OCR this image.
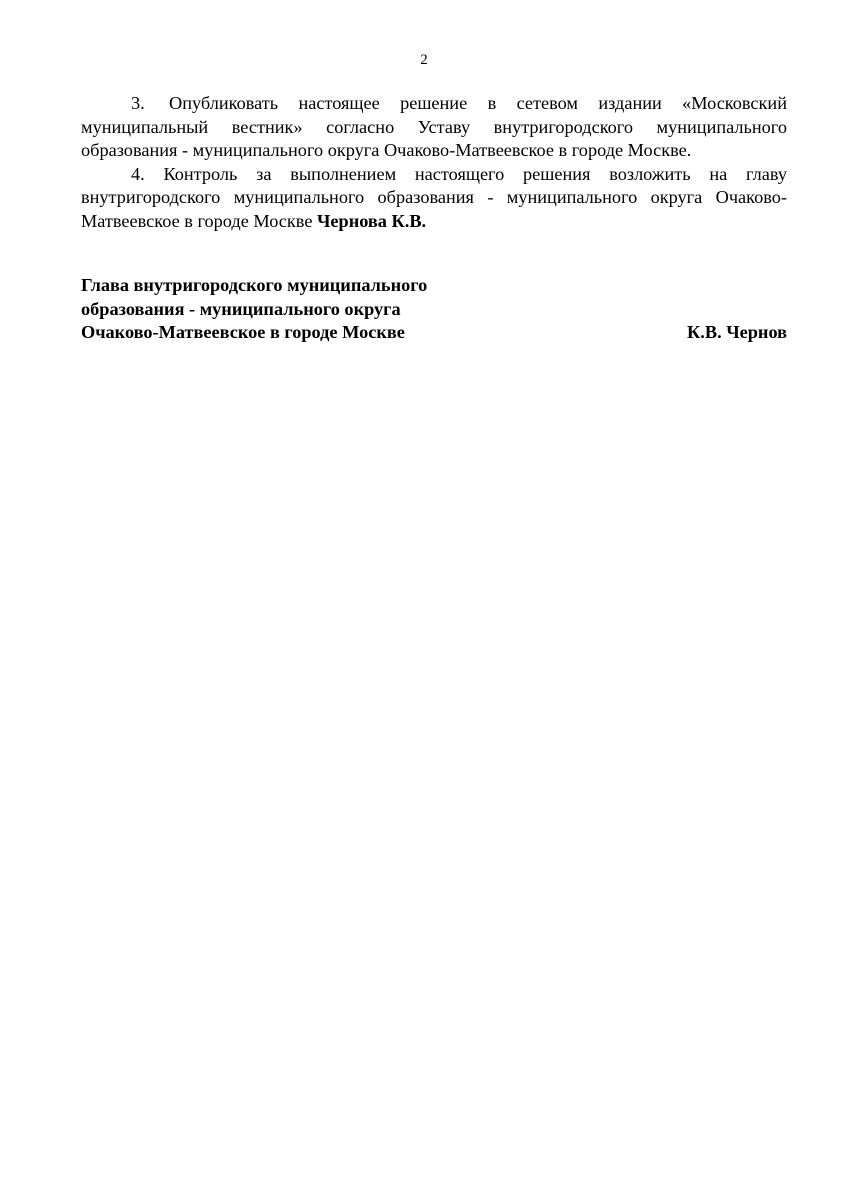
2

3. Опубликовать настоящее решение в сетевом издании «Московский муниципальный вестник» согласно Уставу внутригородского муниципального образования - муниципального округа Очаково-Матвеевское в городе Москве.

4. Контроль за выполнением настоящего решения возложить на главу внутригородского муниципального образования - муниципального округа Очаково-Матвеевское в городе Москве Чернова К.В.

Глава внутригородского муниципального
образования - муниципального округа
Очаково-Матвеевское в городе Москве	К.В. Чернов
